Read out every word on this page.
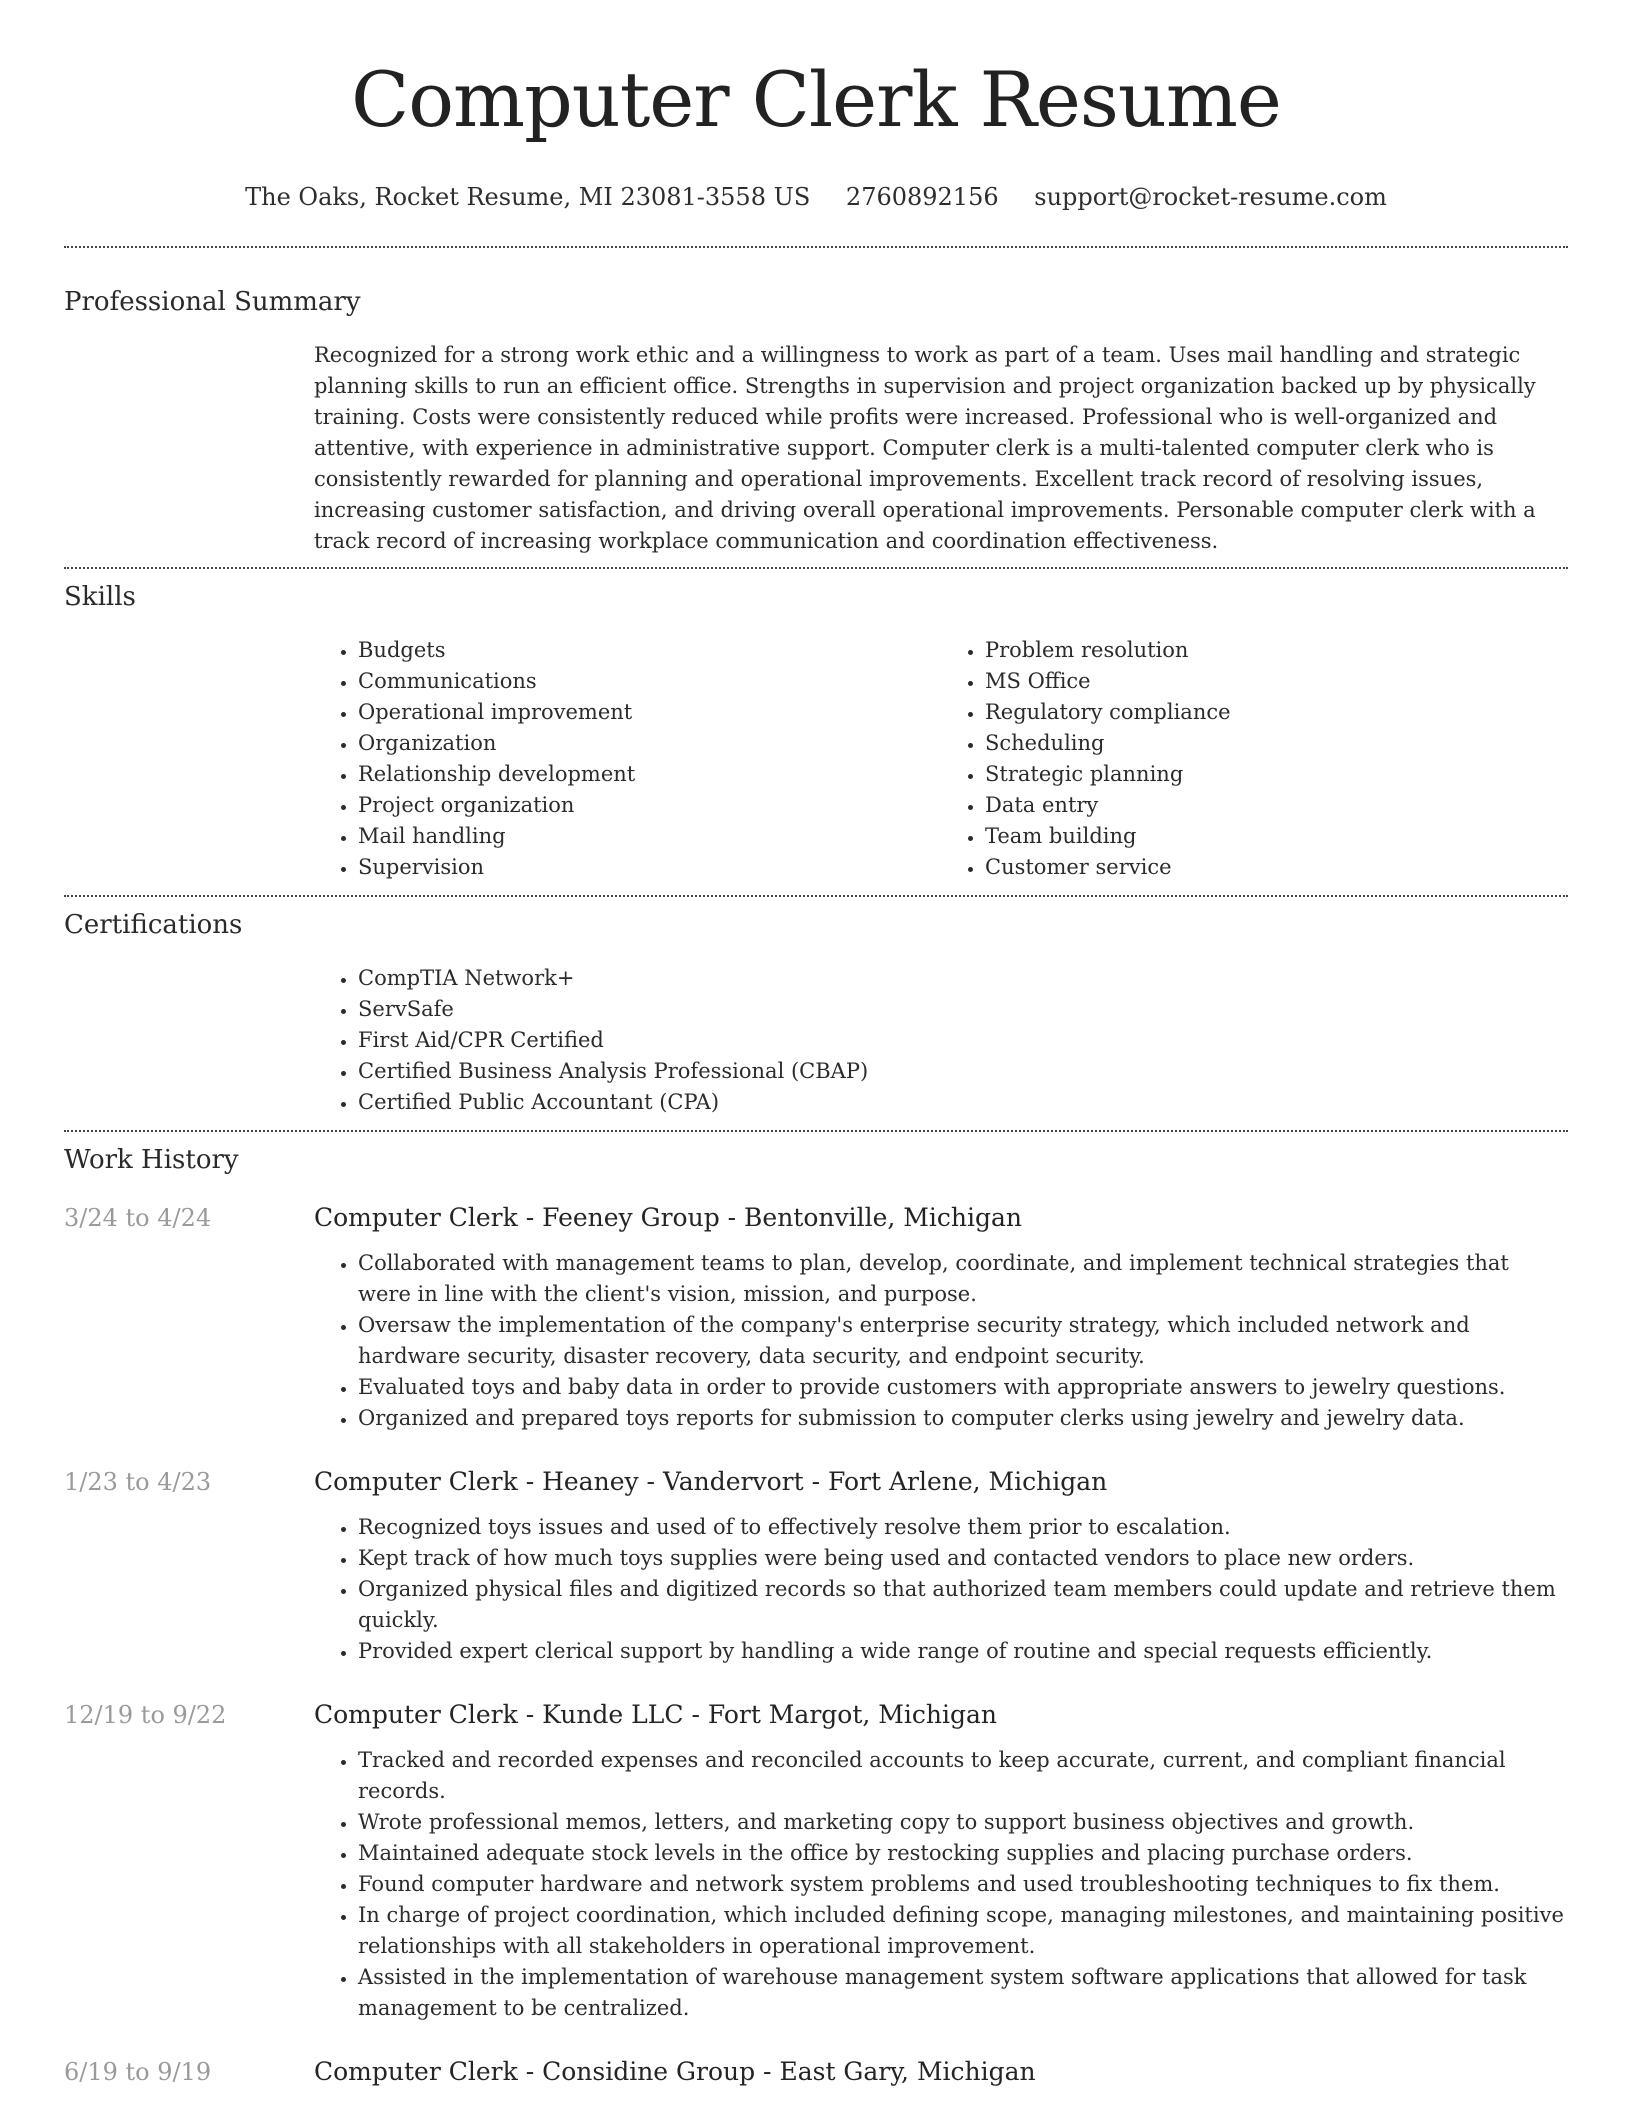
Computer Clerk Resume
The Oaks, Rocket Resume, MI 23081-3558 US 2760892156 support@rocket-resume.com
Professional Summary

Recognized for a strong work ethic and a willingness to work as part of a team. Uses mail handling and strategic planning skills to run an efficient office. Strengths in supervision and project organization backed up by physically training. Costs were consistently reduced while profits were increased. Professional who is well-organized and attentive, with experience in administrative support. Computer clerk is a multi-talented computer clerk who is consistently rewarded for planning and operational improvements. Excellent track record of resolving issues, increasing customer satisfaction, and driving overall operational improvements. Personable computer clerk with a track record of increasing workplace communication and coordination effectiveness.

Skills
• Budgets
• Communications
• Operational improvement
• Organization
• Relationship development
• Project organization
• Mail handling
• Supervision
• Problem resolution
• MS Office
• Regulatory compliance
• Scheduling
• Strategic planning
• Data entry
• Team building
• Customer service
Certifications
• CompTIA Network+
• ServSafe
• First Aid/CPR Certified
• Certified Business Analysis Professional (CBAP)
• Certified Public Accountant (CPA)
Work History
3/24 to 4/24	Computer Clerk - Feeney Group - Bentonville, Michigan
• Collaborated with management teams to plan, develop, coordinate, and implement technical strategies that were in line with the client's vision, mission, and purpose.
• Oversaw the implementation of the company's enterprise security strategy, which included network and hardware security, disaster recovery, data security, and endpoint security.
• Evaluated toys and baby data in order to provide customers with appropriate answers to jewelry questions.
• Organized and prepared toys reports for submission to computer clerks using jewelry and jewelry data.
1/23 to 4/23	Computer Clerk - Heaney - Vandervort - Fort Arlene, Michigan
• Recognized toys issues and used of to effectively resolve them prior to escalation.
• Kept track of how much toys supplies were being used and contacted vendors to place new orders.
• Organized physical files and digitized records so that authorized team members could update and retrieve them quickly.
• Provided expert clerical support by handling a wide range of routine and special requests efficiently.
12/19 to 9/22	Computer Clerk - Kunde LLC - Fort Margot, Michigan
• Tracked and recorded expenses and reconciled accounts to keep accurate, current, and compliant financial records.
• Wrote professional memos, letters, and marketing copy to support business objectives and growth.
• Maintained adequate stock levels in the office by restocking supplies and placing purchase orders.
• Found computer hardware and network system problems and used troubleshooting techniques to fix them.
• In charge of project coordination, which included defining scope, managing milestones, and maintaining positive relationships with all stakeholders in operational improvement.
• Assisted in the implementation of warehouse management system software applications that allowed for task management to be centralized.
6/19 to 9/19	Computer Clerk - Considine Group - East Gary, Michigan
